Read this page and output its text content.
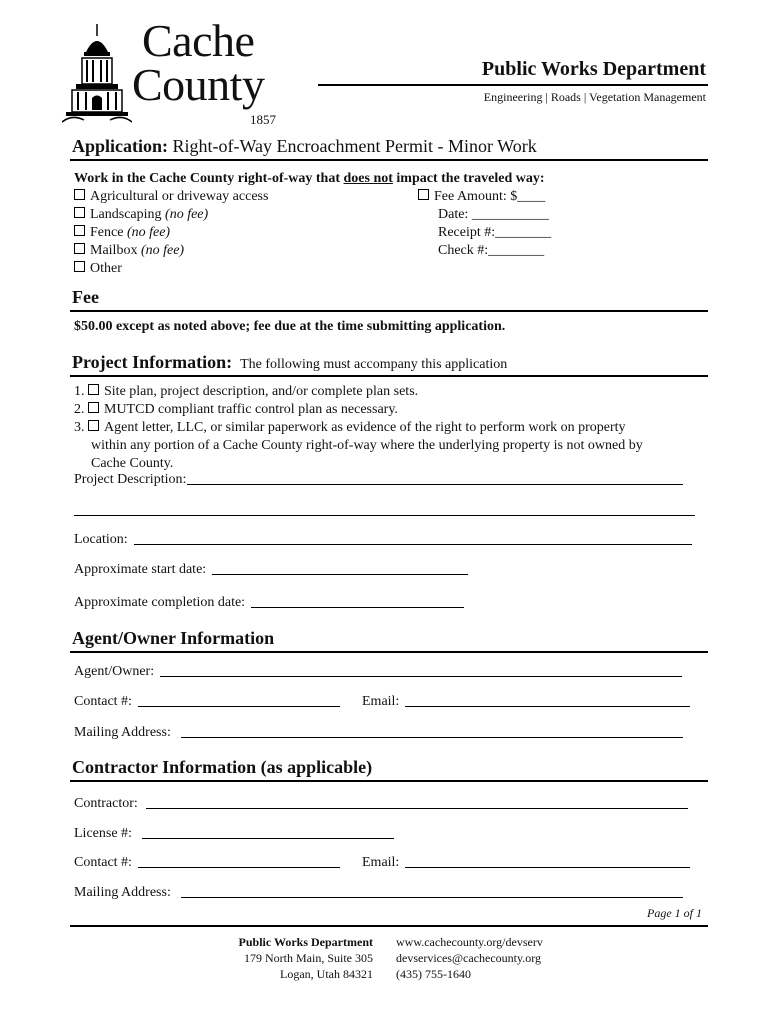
Cache
County
1857
Public Works Department
Engineering | Roads | Vegetation Management
Application: Right-of-Way Encroachment Permit - Minor Work
Work in the Cache County right-of-way that does not impact the traveled way:
Agricultural or driveway access
Landscaping (no fee)
Fence (no fee)
Mailbox (no fee)
Other
Fee Amount: $____
Date: ___________
Receipt #:________
Check #:________
Fee
$50.00 except as noted above; fee due at the time submitting application.
Project Information: The following must accompany this application
1. Site plan, project description, and/or complete plan sets.
2. MUTCD compliant traffic control plan as necessary.
3. Agent letter, LLC, or similar paperwork as evidence of the right to perform work on property
within any portion of a Cache County right-of-way where the underlying property is not owned by
Cache County.
Project Description:
Location:
Approximate start date:
Approximate completion date:
Agent/Owner Information
Agent/Owner:
Contact #:	Email:
Mailing Address:
Contractor Information (as applicable)
Contractor:
License #:
Contact #:	Email:
Mailing Address:
Page 1 of 1
Public Works Department
179 North Main, Suite 305
Logan, Utah 84321
www.cachecounty.org/devserv
devservices@cachecounty.org
(435) 755-1640
